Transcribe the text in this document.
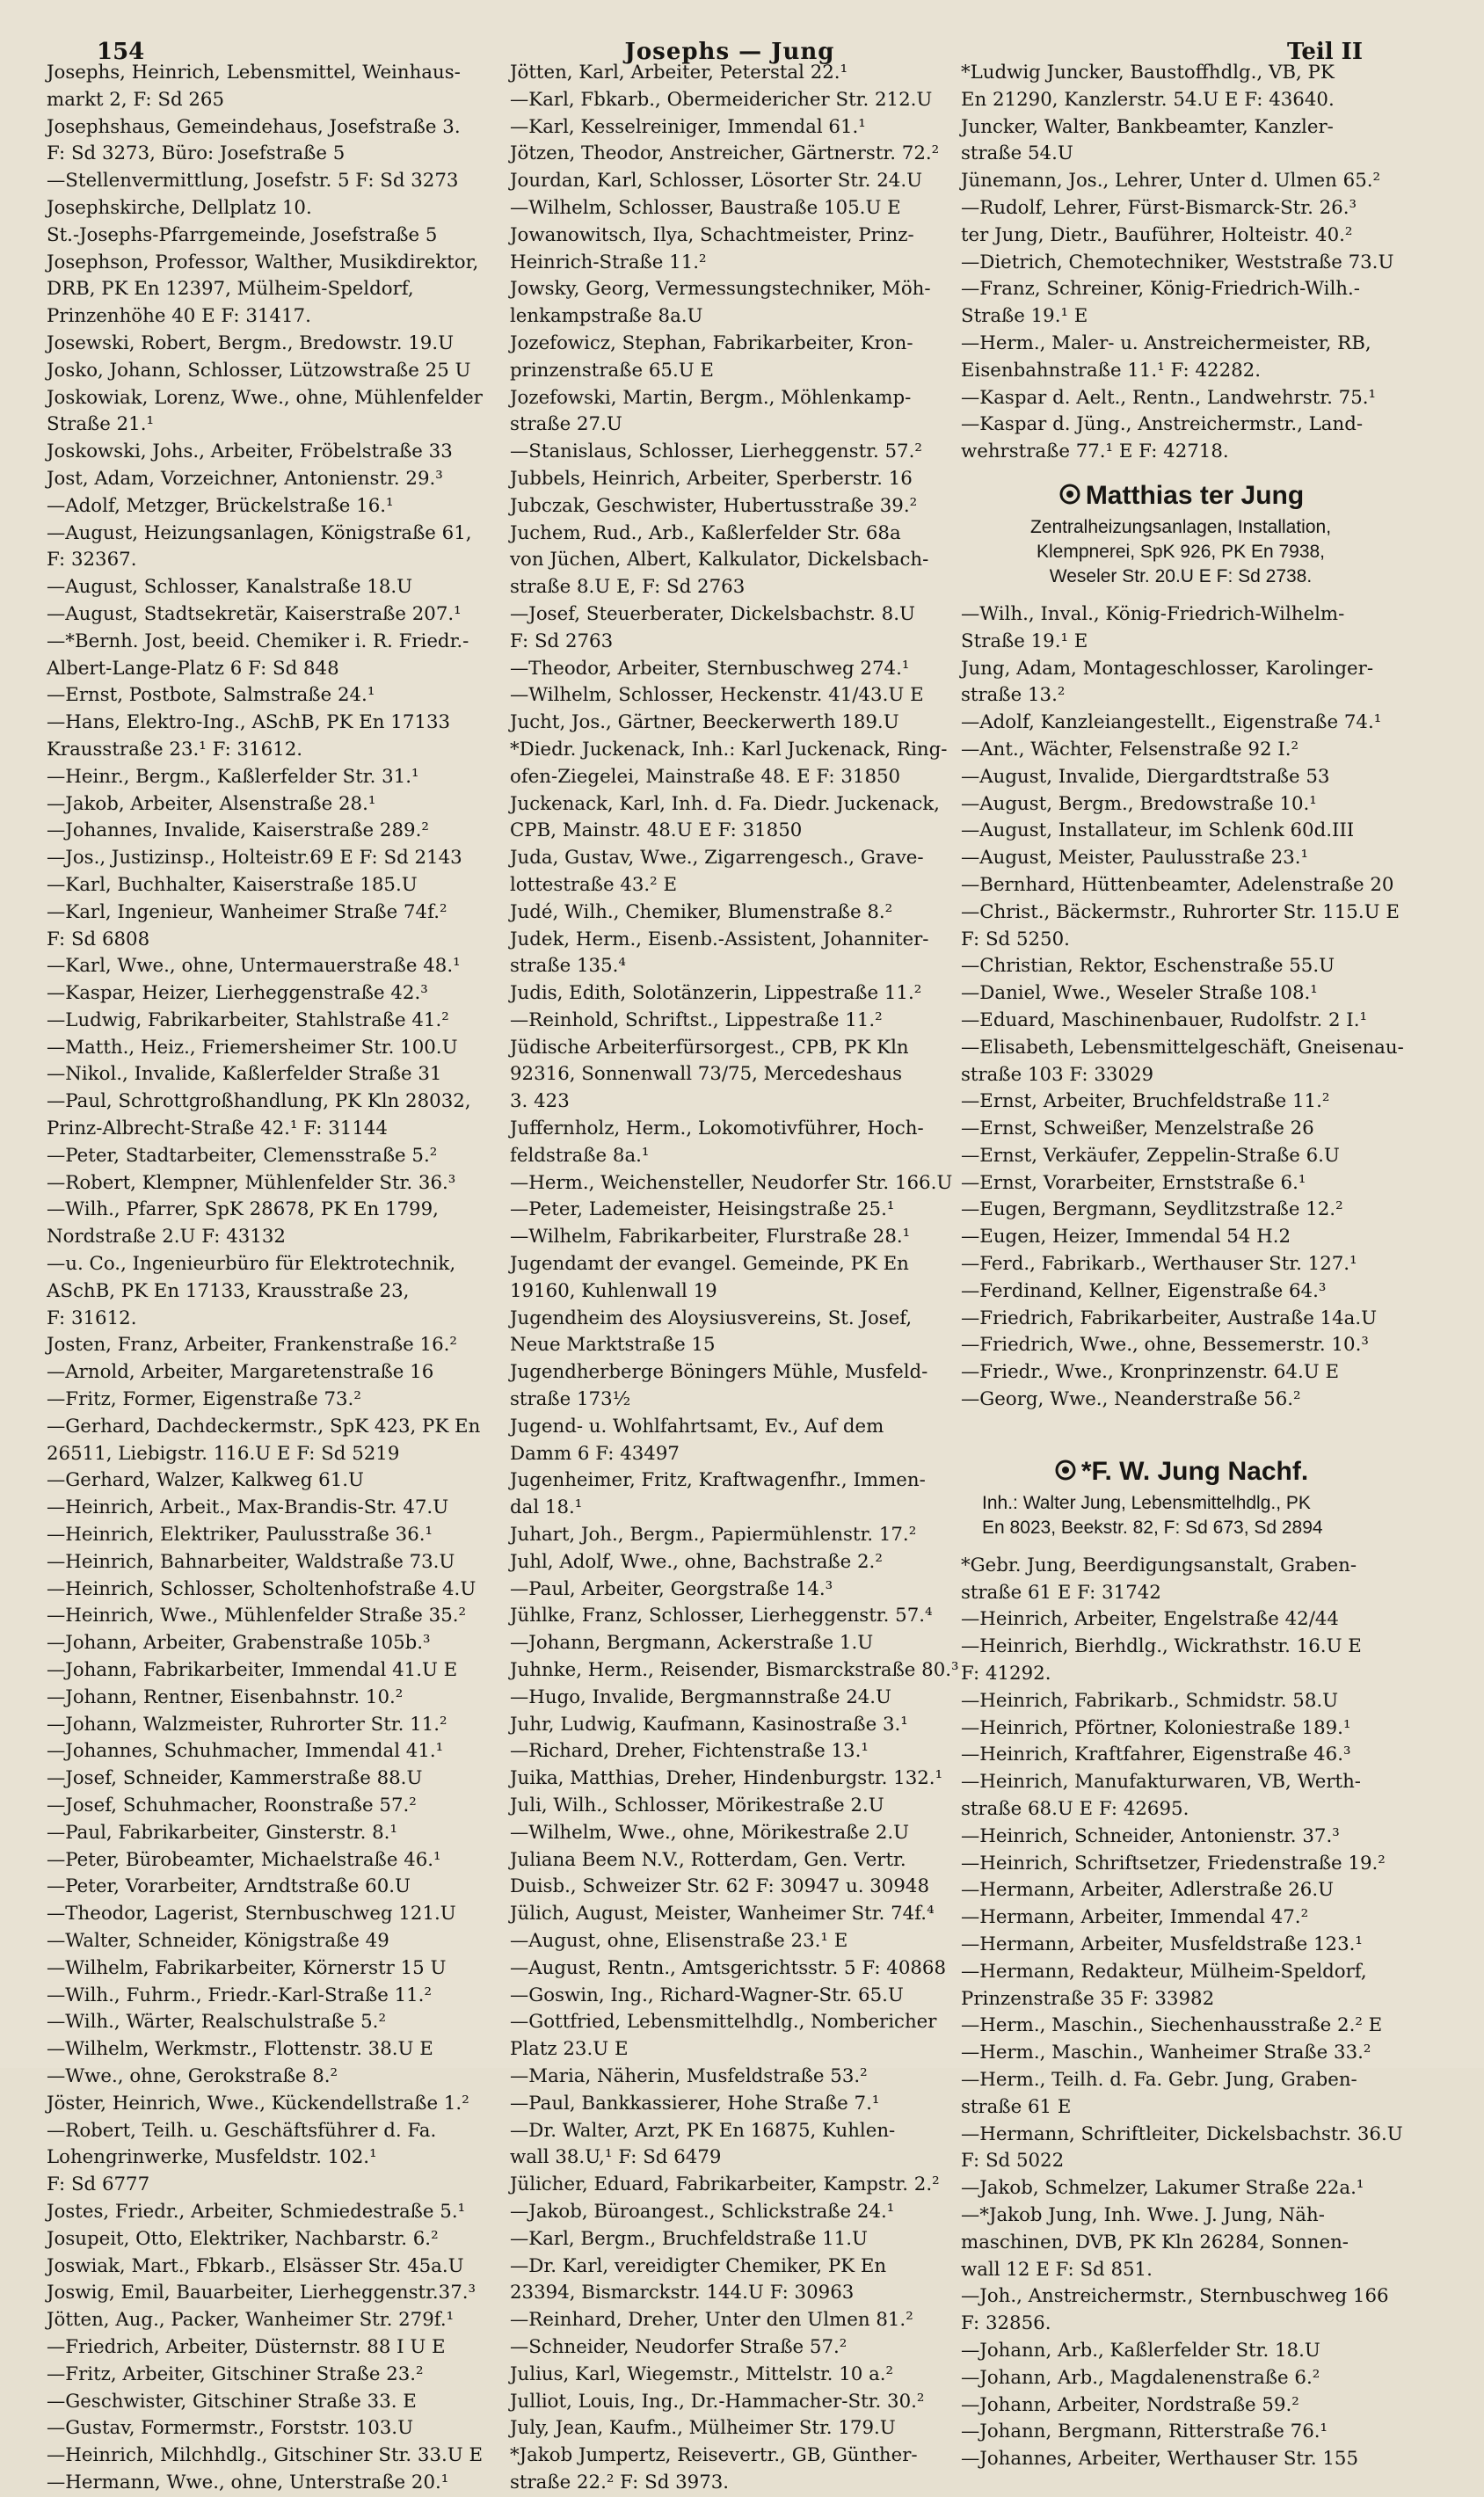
154	Josephs — Jung	Teil II
Josephs, Heinrich, Lebensmittel, Weinhaus-
markt 2, F: Sd 265
Josephshaus, Gemeindehaus, Josefstraße 3.
F: Sd 3273, Büro: Josefstraße 5
—Stellenvermittlung, Josefstr. 5 F: Sd 3273
Josephskirche, Dellplatz 10.
St.-Josephs-Pfarrgemeinde, Josefstraße 5
Josephson, Professor, Walther, Musikdirektor,
DRB, PK En 12397, Mülheim-Speldorf,
Prinzenhöhe 40 E F: 31417.
Josewski, Robert, Bergm., Bredowstr. 19.U
Josko, Johann, Schlosser, Lützowstraße 25 U
Joskowiak, Lorenz, Wwe., ohne, Mühlenfelder
Straße 21.¹
Joskowski, Johs., Arbeiter, Fröbelstraße 33
Jost, Adam, Vorzeichner, Antonienstr. 29.³
—Adolf, Metzger, Brückelstraße 16.¹
—August, Heizungsanlagen, Königstraße 61,
F: 32367.
—August, Schlosser, Kanalstraße 18.U
—August, Stadtsekretär, Kaiserstraße 207.¹
—*Bernh. Jost, beeid. Chemiker i. R. Friedr.-
Albert-Lange-Platz 6 F: Sd 848
—Ernst, Postbote, Salmstraße 24.¹
—Hans, Elektro-Ing., ASchB, PK En 17133
Krausstraße 23.¹ F: 31612.
—Heinr., Bergm., Kaßlerfelder Str. 31.¹
—Jakob, Arbeiter, Alsenstraße 28.¹
—Johannes, Invalide, Kaiserstraße 289.²
—Jos., Justizinsp., Holteistr.69 E F: Sd 2143
—Karl, Buchhalter, Kaiserstraße 185.U
—Karl, Ingenieur, Wanheimer Straße 74f.²
F: Sd 6808
—Karl, Wwe., ohne, Untermauerstraße 48.¹
—Kaspar, Heizer, Lierheggenstraße 42.³
—Ludwig, Fabrikarbeiter, Stahlstraße 41.²
—Matth., Heiz., Friemersheimer Str. 100.U
—Nikol., Invalide, Kaßlerfelder Straße 31
—Paul, Schrottgroßhandlung, PK Kln 28032,
Prinz-Albrecht-Straße 42.¹ F: 31144
—Peter, Stadtarbeiter, Clemensstraße 5.²
—Robert, Klempner, Mühlenfelder Str. 36.³
—Wilh., Pfarrer, SpK 28678, PK En 1799,
Nordstraße 2.U F: 43132
—u. Co., Ingenieurbüro für Elektrotechnik,
ASchB, PK En 17133, Krausstraße 23,
F: 31612.
Josten, Franz, Arbeiter, Frankenstraße 16.²
—Arnold, Arbeiter, Margaretenstraße 16
—Fritz, Former, Eigenstraße 73.²
—Gerhard, Dachdeckermstr., SpK 423, PK En
26511, Liebigstr. 116.U E F: Sd 5219
—Gerhard, Walzer, Kalkweg 61.U
—Heinrich, Arbeit., Max-Brandis-Str. 47.U
—Heinrich, Elektriker, Paulusstraße 36.¹
—Heinrich, Bahnarbeiter, Waldstraße 73.U
—Heinrich, Schlosser, Scholtenhofstraße 4.U
—Heinrich, Wwe., Mühlenfelder Straße 35.²
—Johann, Arbeiter, Grabenstraße 105b.³
—Johann, Fabrikarbeiter, Immendal 41.U E
—Johann, Rentner, Eisenbahnstr. 10.²
—Johann, Walzmeister, Ruhrorter Str. 11.²
—Johannes, Schuhmacher, Immendal 41.¹
—Josef, Schneider, Kammerstraße 88.U
—Josef, Schuhmacher, Roonstraße 57.²
—Paul, Fabrikarbeiter, Ginsterstr. 8.¹
—Peter, Bürobeamter, Michaelstraße 46.¹
—Peter, Vorarbeiter, Arndtstraße 60.U
—Theodor, Lagerist, Sternbuschweg 121.U
—Walter, Schneider, Königstraße 49
—Wilhelm, Fabrikarbeiter, Körnerstr 15 U
—Wilh., Fuhrm., Friedr.-Karl-Straße 11.²
—Wilh., Wärter, Realschulstraße 5.²
—Wilhelm, Werkmstr., Flottenstr. 38.U E
—Wwe., ohne, Gerokstraße 8.²
Jöster, Heinrich, Wwe., Kückendellstraße 1.²
—Robert, Teilh. u. Geschäftsführer d. Fa.
Lohengrinwerke, Musfeldstr. 102.¹
F: Sd 6777
Jostes, Friedr., Arbeiter, Schmiedestraße 5.¹
Josupeit, Otto, Elektriker, Nachbarstr. 6.²
Joswiak, Mart., Fbkarb., Elsässer Str. 45a.U
Joswig, Emil, Bauarbeiter, Lierheggenstr.37.³
Jötten, Aug., Packer, Wanheimer Str. 279f.¹
—Friedrich, Arbeiter, Düsternstr. 88 I U E
—Fritz, Arbeiter, Gitschiner Straße 23.²
—Geschwister, Gitschiner Straße 33. E
—Gustav, Formermstr., Forststr. 103.U
—Heinrich, Milchhdlg., Gitschiner Str. 33.U E
—Hermann, Wwe., ohne, Unterstraße 20.¹
Jötten, Karl, Arbeiter, Peterstal 22.¹
—Karl, Fbkarb., Obermeidericher Str. 212.U
—Karl, Kesselreiniger, Immendal 61.¹
Jötzen, Theodor, Anstreicher, Gärtnerstr. 72.²
Jourdan, Karl, Schlosser, Lösorter Str. 24.U
—Wilhelm, Schlosser, Baustraße 105.U E
Jowanowitsch, Ilya, Schachtmeister, Prinz-
Heinrich-Straße 11.²
Jowsky, Georg, Vermessungstechniker, Möh-
lenkampstraße 8a.U
Jozefowicz, Stephan, Fabrikarbeiter, Kron-
prinzenstraße 65.U E
Jozefowski, Martin, Bergm., Möhlenkamp-
straße 27.U
—Stanislaus, Schlosser, Lierheggenstr. 57.²
Jubbels, Heinrich, Arbeiter, Sperberstr. 16
Jubczak, Geschwister, Hubertusstraße 39.²
Juchem, Rud., Arb., Kaßlerfelder Str. 68a
von Jüchen, Albert, Kalkulator, Dickelsbach-
straße 8.U E, F: Sd 2763
—Josef, Steuerberater, Dickelsbachstr. 8.U
F: Sd 2763
—Theodor, Arbeiter, Sternbuschweg 274.¹
—Wilhelm, Schlosser, Heckenstr. 41/43.U E
Jucht, Jos., Gärtner, Beeckerwerth 189.U
*Diedr. Juckenack, Inh.: Karl Juckenack, Ring-
ofen-Ziegelei, Mainstraße 48. E F: 31850
Juckenack, Karl, Inh. d. Fa. Diedr. Juckenack,
CPB, Mainstr. 48.U E F: 31850
Juda, Gustav, Wwe., Zigarrengesch., Grave-
lottestraße 43.² E
Judé, Wilh., Chemiker, Blumenstraße 8.²
Judek, Herm., Eisenb.-Assistent, Johanniter-
straße 135.⁴
Judis, Edith, Solotänzerin, Lippestraße 11.²
—Reinhold, Schriftst., Lippestraße 11.²
Jüdische Arbeiterfürsorgest., CPB, PK Kln
92316, Sonnenwall 73/75, Mercedeshaus
3. 423
Juffernholz, Herm., Lokomotivführer, Hoch-
feldstraße 8a.¹
—Herm., Weichensteller, Neudorfer Str. 166.U
—Peter, Lademeister, Heisingstraße 25.¹
—Wilhelm, Fabrikarbeiter, Flurstraße 28.¹
Jugendamt der evangel. Gemeinde, PK En
19160, Kuhlenwall 19
Jugendheim des Aloysiusvereins, St. Josef,
Neue Marktstraße 15
Jugendherberge Böningers Mühle, Musfeld-
straße 173½
Jugend- u. Wohlfahrtsamt, Ev., Auf dem
Damm 6 F: 43497
Jugenheimer, Fritz, Kraftwagenfhr., Immen-
dal 18.¹
Juhart, Joh., Bergm., Papiermühlenstr. 17.²
Juhl, Adolf, Wwe., ohne, Bachstraße 2.²
—Paul, Arbeiter, Georgstraße 14.³
Jühlke, Franz, Schlosser, Lierheggenstr. 57.⁴
—Johann, Bergmann, Ackerstraße 1.U
Juhnke, Herm., Reisender, Bismarckstraße 80.³
—Hugo, Invalide, Bergmannstraße 24.U
Juhr, Ludwig, Kaufmann, Kasinostraße 3.¹
—Richard, Dreher, Fichtenstraße 13.¹
Juika, Matthias, Dreher, Hindenburgstr. 132.¹
Juli, Wilh., Schlosser, Mörikestraße 2.U
—Wilhelm, Wwe., ohne, Mörikestraße 2.U
Juliana Beem N.V., Rotterdam, Gen. Vertr.
Duisb., Schweizer Str. 62 F: 30947 u. 30948
Jülich, August, Meister, Wanheimer Str. 74f.⁴
—August, ohne, Elisenstraße 23.¹ E
—August, Rentn., Amtsgerichtsstr. 5 F: 40868
—Goswin, Ing., Richard-Wagner-Str. 65.U
—Gottfried, Lebensmittelhdlg., Nombericher
Platz 23.U E
—Maria, Näherin, Musfeldstraße 53.²
—Paul, Bankkassierer, Hohe Straße 7.¹
—Dr. Walter, Arzt, PK En 16875, Kuhlen-
wall 38.U,¹ F: Sd 6479
Jülicher, Eduard, Fabrikarbeiter, Kampstr. 2.²
—Jakob, Büroangest., Schlickstraße 24.¹
—Karl, Bergm., Bruchfeldstraße 11.U
—Dr. Karl, vereidigter Chemiker, PK En
23394, Bismarckstr. 144.U F: 30963
—Reinhard, Dreher, Unter den Ulmen 81.²
—Schneider, Neudorfer Straße 57.²
Julius, Karl, Wiegemstr., Mittelstr. 10 a.²
Julliot, Louis, Ing., Dr.-Hammacher-Str. 30.²
July, Jean, Kaufm., Mülheimer Str. 179.U
*Jakob Jumpertz, Reisevertr., GB, Günther-
straße 22.² F: Sd 3973.
*Ludwig Juncker, Baustoffhdlg., VB, PK
En 21290, Kanzlerstr. 54.U E F: 43640.
Juncker, Walter, Bankbeamter, Kanzler-
straße 54.U
Jünemann, Jos., Lehrer, Unter d. Ulmen 65.²
—Rudolf, Lehrer, Fürst-Bismarck-Str. 26.³
ter Jung, Dietr., Bauführer, Holteistr. 40.²
—Dietrich, Chemotechniker, Weststraße 73.U
—Franz, Schreiner, König-Friedrich-Wilh.-
Straße 19.¹ E
—Herm., Maler- u. Anstreichermeister, RB,
Eisenbahnstraße 11.¹ F: 42282.
—Kaspar d. Aelt., Rentn., Landwehrstr. 75.¹
—Kaspar d. Jüng., Anstreichermstr., Land-
wehrstraße 77.¹ E F: 42718.
Matthias ter Jung
Zentralheizungsanlagen, Installation,
Klempnerei, SpK 926, PK En 7938,
Weseler Str. 20.U E F: Sd 2738.
—Wilh., Inval., König-Friedrich-Wilhelm-
Straße 19.¹ E
Jung, Adam, Montageschlosser, Karolinger-
straße 13.²
—Adolf, Kanzleiangestellt., Eigenstraße 74.¹
—Ant., Wächter, Felsenstraße 92 I.²
—August, Invalide, Diergardtstraße 53
—August, Bergm., Bredowstraße 10.¹
—August, Installateur, im Schlenk 60d.III
—August, Meister, Paulusstraße 23.¹
—Bernhard, Hüttenbeamter, Adelenstraße 20
—Christ., Bäckermstr., Ruhrorter Str. 115.U E
F: Sd 5250.
—Christian, Rektor, Eschenstraße 55.U
—Daniel, Wwe., Weseler Straße 108.¹
—Eduard, Maschinenbauer, Rudolfstr. 2 I.¹
—Elisabeth, Lebensmittelgeschäft, Gneisenau-
straße 103 F: 33029
—Ernst, Arbeiter, Bruchfeldstraße 11.²
—Ernst, Schweißer, Menzelstraße 26
—Ernst, Verkäufer, Zeppelin-Straße 6.U
—Ernst, Vorarbeiter, Ernststraße 6.¹
—Eugen, Bergmann, Seydlitzstraße 12.²
—Eugen, Heizer, Immendal 54 H.2
—Ferd., Fabrikarb., Werthauser Str. 127.¹
—Ferdinand, Kellner, Eigenstraße 64.³
—Friedrich, Fabrikarbeiter, Austraße 14a.U
—Friedrich, Wwe., ohne, Bessemerstr. 10.³
—Friedr., Wwe., Kronprinzenstr. 64.U E
—Georg, Wwe., Neanderstraße 56.²
*F. W. Jung Nachf.
Inh.: Walter Jung, Lebensmittelhdlg., PK
En 8023, Beekstr. 82, F: Sd 673, Sd 2894
*Gebr. Jung, Beerdigungsanstalt, Graben-
straße 61 E F: 31742
—Heinrich, Arbeiter, Engelstraße 42/44
—Heinrich, Bierhdlg., Wickrathstr. 16.U E
F: 41292.
—Heinrich, Fabrikarb., Schmidstr. 58.U
—Heinrich, Pförtner, Koloniestraße 189.¹
—Heinrich, Kraftfahrer, Eigenstraße 46.³
—Heinrich, Manufakturwaren, VB, Werth-
straße 68.U E F: 42695.
—Heinrich, Schneider, Antonienstr. 37.³
—Heinrich, Schriftsetzer, Friedenstraße 19.²
—Hermann, Arbeiter, Adlerstraße 26.U
—Hermann, Arbeiter, Immendal 47.²
—Hermann, Arbeiter, Musfeldstraße 123.¹
—Hermann, Redakteur, Mülheim-Speldorf,
Prinzenstraße 35 F: 33982
—Herm., Maschin., Siechenhausstraße 2.² E
—Herm., Maschin., Wanheimer Straße 33.²
—Herm., Teilh. d. Fa. Gebr. Jung, Graben-
straße 61 E
—Hermann, Schriftleiter, Dickelsbachstr. 36.U
F: Sd 5022
—Jakob, Schmelzer, Lakumer Straße 22a.¹
—*Jakob Jung, Inh. Wwe. J. Jung, Näh-
maschinen, DVB, PK Kln 26284, Sonnen-
wall 12 E F: Sd 851.
—Joh., Anstreichermstr., Sternbuschweg 166
F: 32856.
—Johann, Arb., Kaßlerfelder Str. 18.U
—Johann, Arb., Magdalenenstraße 6.²
—Johann, Arbeiter, Nordstraße 59.²
—Johann, Bergmann, Ritterstraße 76.¹
—Johannes, Arbeiter, Werthauser Str. 155
